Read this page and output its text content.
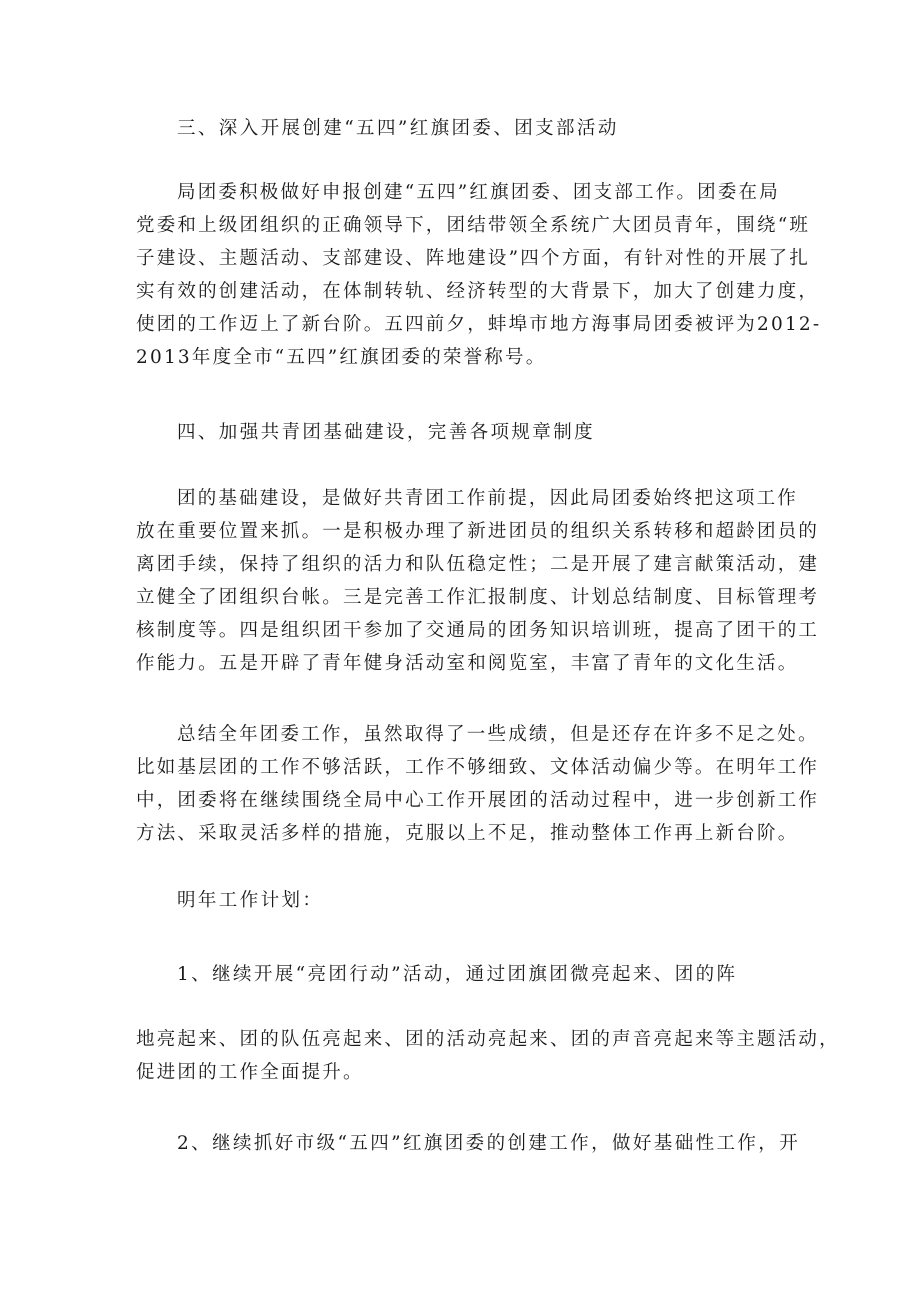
三、深入开展创建“五四”红旗团委、团支部活动

局团委积极做好申报创建“五四”红旗团委、团支部工作。团委在局
党委和上级团组织的正确领导下，团结带领全系统广大团员青年，围绕“班
子建设、主题活动、支部建设、阵地建设”四个方面，有针对性的开展了扎
实有效的创建活动，在体制转轨、经济转型的大背景下，加大了创建力度，
使团的工作迈上了新台阶。五四前夕，蚌埠市地方海事局团委被评为2012-
2013年度全市“五四”红旗团委的荣誉称号。

四、加强共青团基础建设，完善各项规章制度

团的基础建设，是做好共青团工作前提，因此局团委始终把这项工作
放在重要位置来抓。一是积极办理了新进团员的组织关系转移和超龄团员的
离团手续，保持了组织的活力和队伍稳定性；二是开展了建言献策活动，建
立健全了团组织台帐。三是完善工作汇报制度、计划总结制度、目标管理考
核制度等。四是组织团干参加了交通局的团务知识培训班，提高了团干的工
作能力。五是开辟了青年健身活动室和阅览室，丰富了青年的文化生活。

总结全年团委工作，虽然取得了一些成绩，但是还存在许多不足之处。
比如基层团的工作不够活跃，工作不够细致、文体活动偏少等。在明年工作
中，团委将在继续围绕全局中心工作开展团的活动过程中，进一步创新工作
方法、采取灵活多样的措施，克服以上不足，推动整体工作再上新台阶。

明年工作计划：

1、继续开展“亮团行动”活动，通过团旗团微亮起来、团的阵

地亮起来、团的队伍亮起来、团的活动亮起来、团的声音亮起来等主题活动，
促进团的工作全面提升。

2、继续抓好市级“五四”红旗团委的创建工作，做好基础性工作，开
